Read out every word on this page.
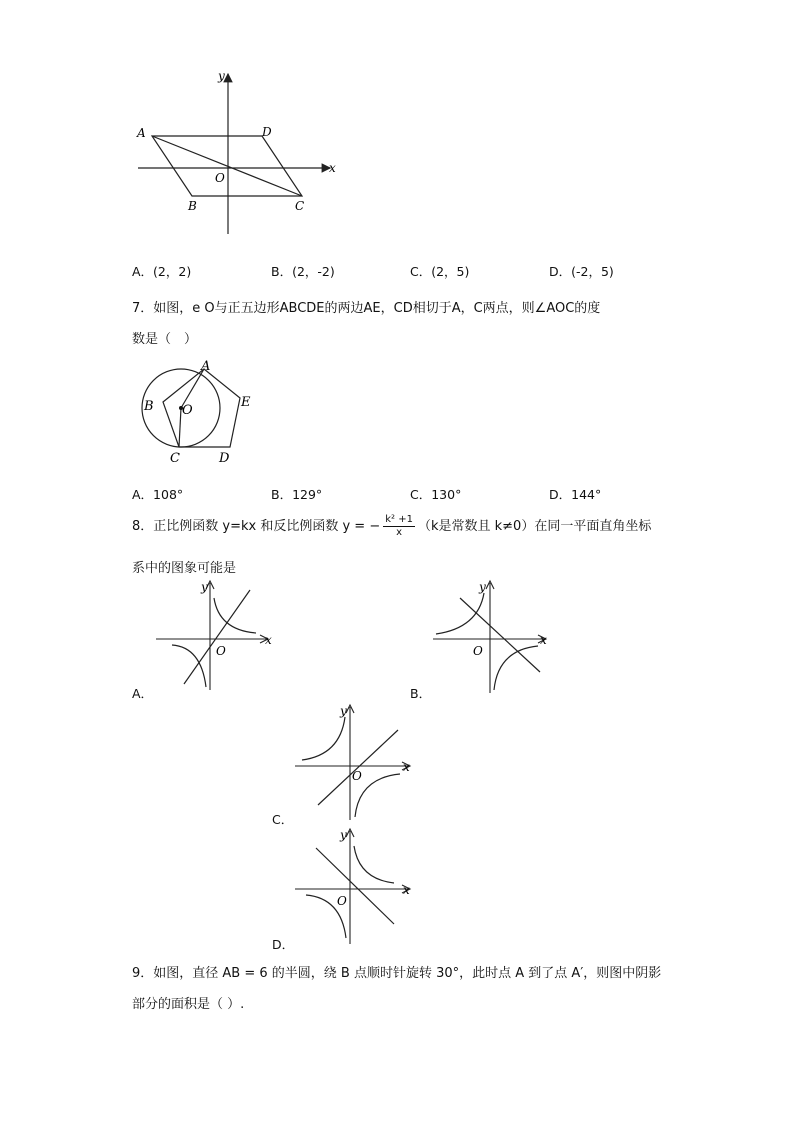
y
x
A	D
O
B	C
A．(2，2)	B．(2，-2)	C．(2，5)	D．(-2，5)
7．如图，e O与正五边形ABCDE的两边AE，CD相切于A，C两点，则∠AOC的度
数是（　）
A
B O
E
C	D
A．108°	B．129°	C．130°	D．144°
8．正比例函数 y=kx 和反比例函数 y = − $\frac{\text{k² +1}}{x} (k$是常数且 k≠0）在同一平面直角坐标
系中的图象可能是
y
x
O
A．
y
x
O
B．
y
x
O
C．
y
x
O
D．
9．如图，直径 AB = 6 的半圆，绕 B 点顺时针旋转 30°，此时点 A 到了点 A′，则图中阴影
部分的面积是（ ）.
